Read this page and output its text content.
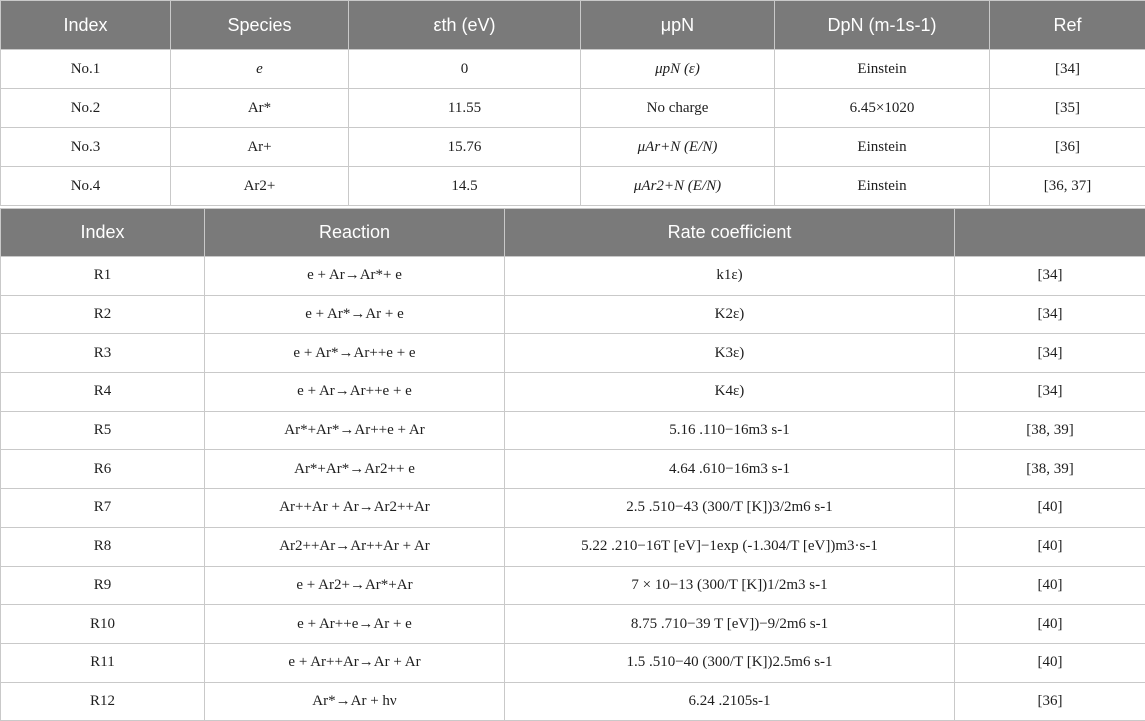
Index	Species	εth (eV)	μpN	DpN (m-1s-1)	Ref
No.1	e	0	μpN (ε)	Einstein	[34]
No.2	Ar*	11.55	No charge	6.45×1020	[35]
No.3	Ar+	15.76	μAr+N (E/N)	Einstein	[36]
No.4	Ar2+	14.5	μAr2+N (E/N)	Einstein	[36, 37]
Index	Reaction	Rate coefficient	
R1	e + Ar→Ar*+ e	k1ε)	[34]
R2	e + Ar*→Ar + e	K2ε)	[34]
R3	e + Ar*→Ar++e + e	K3ε)	[34]
R4	e + Ar→Ar++e + e	K4ε)	[34]
R5	Ar*+Ar*→Ar++e + Ar	5.16 .110−16m3 s-1	[38, 39]
R6	Ar*+Ar*→Ar2++ e	4.64 .610−16m3 s-1	[38, 39]
R7	Ar++Ar + Ar→Ar2++Ar	2.5 .510−43 (300/T [K])3/2m6 s-1	[40]
R8	Ar2++Ar→Ar++Ar + Ar	5.22 .210−16T [eV]−1exp (-1.304/T [eV])m3·s-1	[40]
R9	e + Ar2+→Ar*+Ar	7 × 10−13 (300/T [K])1/2m3 s-1	[40]
R10	e + Ar++e→Ar + e	8.75 .710−39 T [eV])−9/2m6 s-1	[40]
R11	e + Ar++Ar→Ar + Ar	1.5 .510−40 (300/T [K])2.5m6 s-1	[40]
R12	Ar*→Ar + hν	6.24 .2105s-1	[36]
